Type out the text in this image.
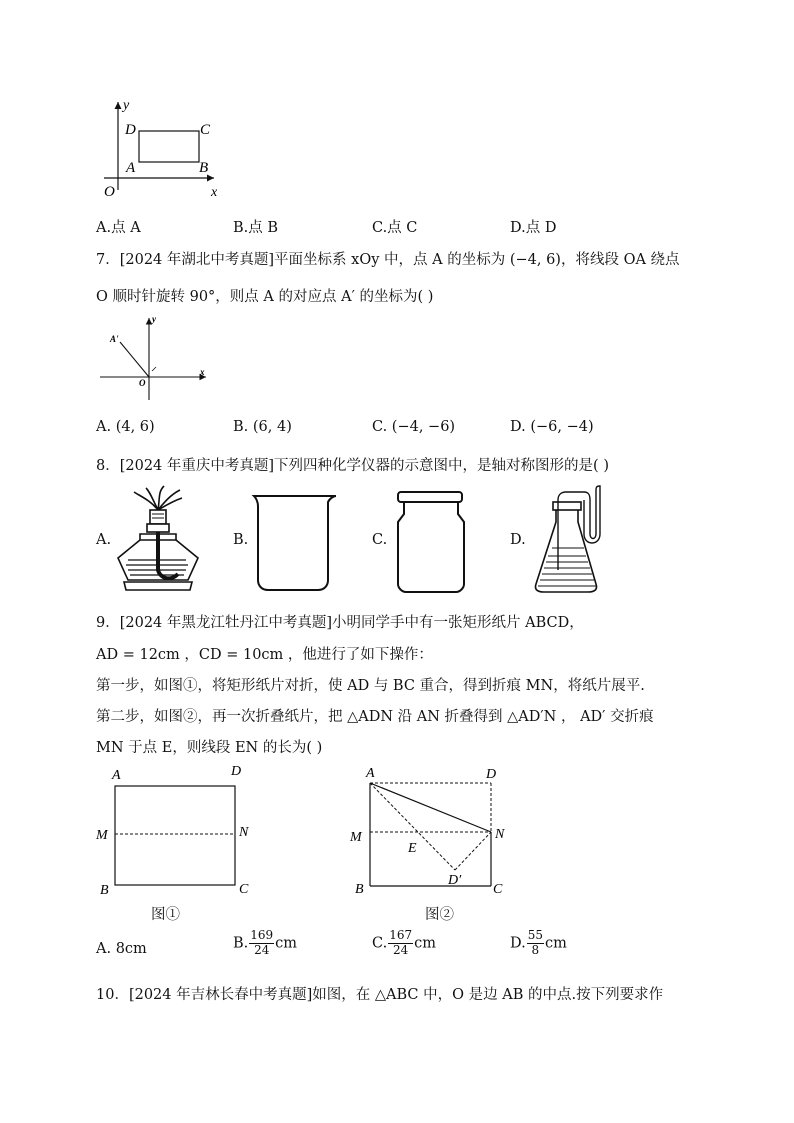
y
D	C
A	B
O	x
A.点 A	B.点 B	C.点 C	D.点 D
7．[2024 年湖北中考真题]平面坐标系 xOy 中，点 A 的坐标为 (−4, 6)，将线段 OA 绕点
O 顺时针旋转 90°，则点 A 的对应点 A′ 的坐标为( )
A'
y
x
O
A. (4, 6)	B. (6, 4)	C. (−4, −6)	D. (−6, −4)
8．[2024 年重庆中考真题]下列四种化学仪器的示意图中，是轴对称图形的是( )
A.	B.	C.	D.
9．[2024 年黑龙江牡丹江中考真题]小明同学手中有一张矩形纸片 ABCD，
AD = 12cm ，CD = 10cm ，他进行了如下操作：
第一步，如图①，将矩形纸片对折，使 AD 与 BC 重合，得到折痕 MN，将纸片展平.
第二步，如图②，再一次折叠纸片，把 △ADN 沿 AN 折叠得到 △AD′N ， AD′ 交折痕
MN 于点 E，则线段 EN 的长为( )
A	D
M	N
B	C
A	D
M	N
E
D′
B	C
图①	图②
A. 8cm	B. $\frac{169}{24}$ cm	C. $\frac{167}{24}$ cm	D. $\frac{55}{8}$ cm
10．[2024 年吉林长春中考真题]如图，在 △ABC 中，O 是边 AB 的中点.按下列要求作
